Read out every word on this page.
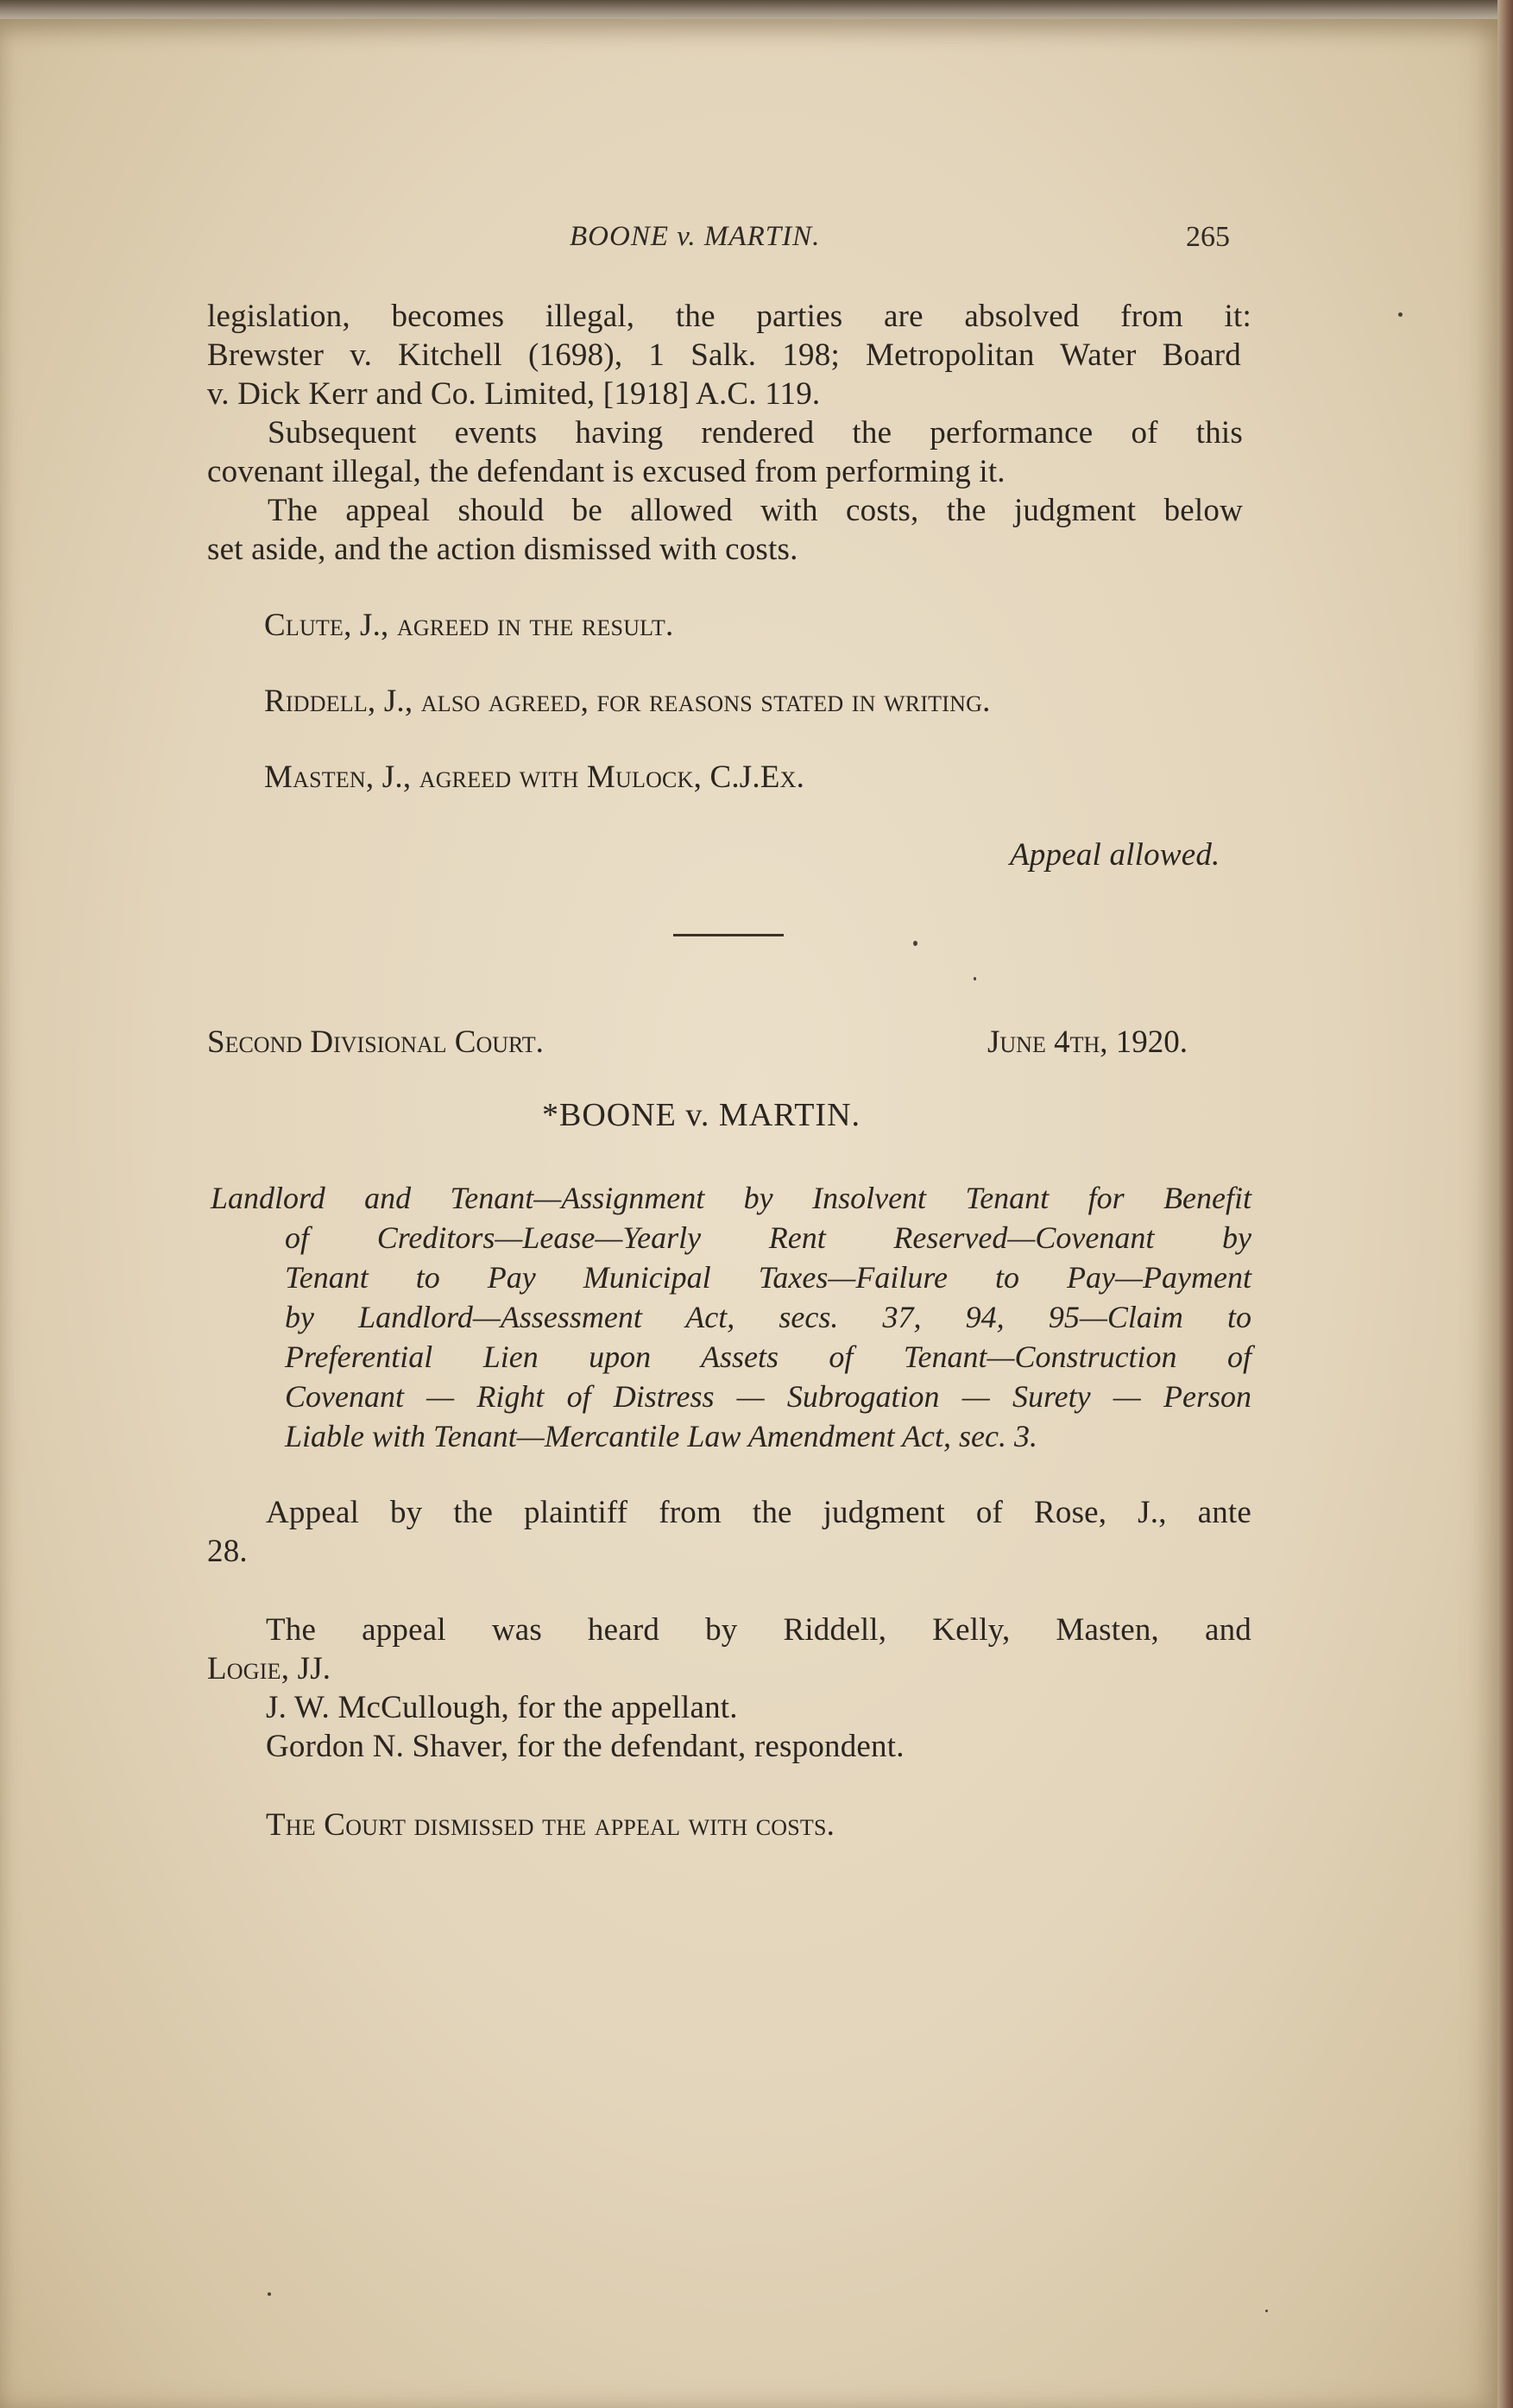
BOONE v. MARTIN.	265
legislation, becomes illegal, the parties are absolved from it:
Brewster v. Kitchell (1698), 1 Salk. 198; Metropolitan Water Board
v. Dick Kerr and Co. Limited, [1918] A.C. 119.
Subsequent events having rendered the performance of this
covenant illegal, the defendant is excused from performing it.
The appeal should be allowed with costs, the judgment below
set aside, and the action dismissed with costs.
Clute, J., agreed in the result.
Riddell, J., also agreed, for reasons stated in writing.
Masten, J., agreed with Mulock, C.J.Ex.
Appeal allowed.
Second Divisional Court.	June 4th, 1920.
*BOONE v. MARTIN.
Landlord and Tenant—Assignment by Insolvent Tenant for Benefit
of Creditors—Lease—Yearly Rent Reserved—Covenant by
Tenant to Pay Municipal Taxes—Failure to Pay—Payment
by Landlord—Assessment Act, secs. 37, 94, 95—Claim to
Preferential Lien upon Assets of Tenant—Construction of
Covenant — Right of Distress — Subrogation — Surety — Person
Liable with Tenant—Mercantile Law Amendment Act, sec. 3.
Appeal by the plaintiff from the judgment of Rose, J., ante
28.
The appeal was heard by Riddell, Kelly, Masten, and
Logie, JJ.
J. W. McCullough, for the appellant.
Gordon N. Shaver, for the defendant, respondent.
The Court dismissed the appeal with costs.
